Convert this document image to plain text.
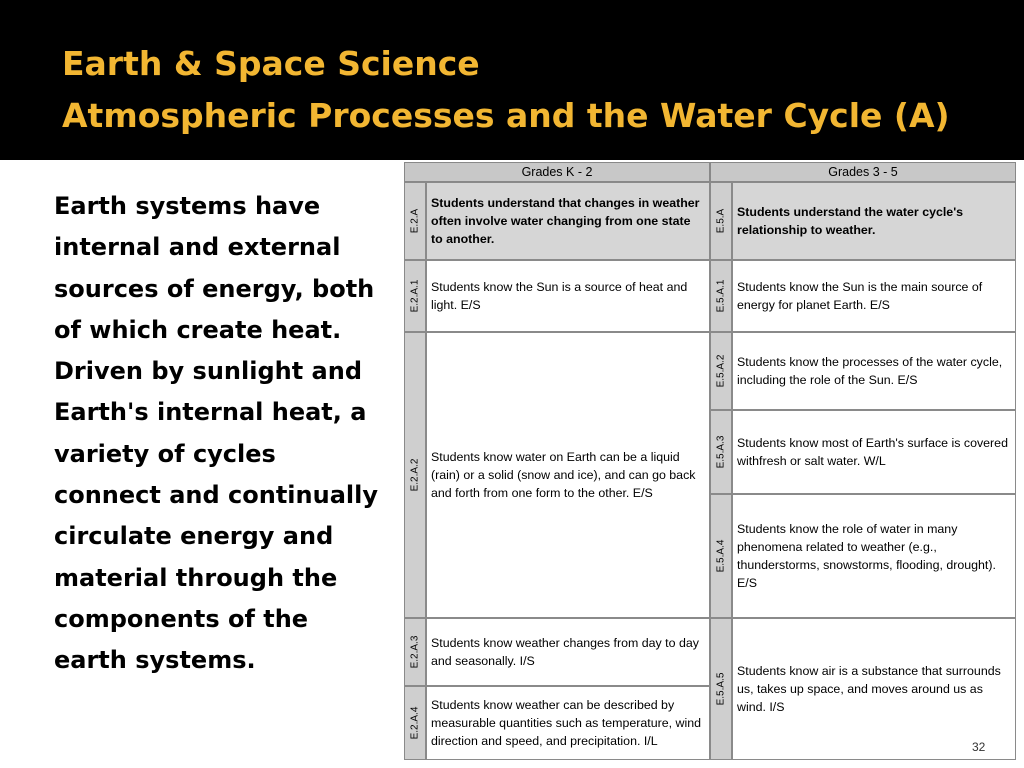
Earth & Space Science
Atmospheric Processes and the Water Cycle (A)
Earth systems have internal and external sources of energy, both of which create heat. Driven by sunlight and Earth's internal heat, a variety of cycles connect and continually circulate energy and material through the components of the earth systems.
Grades K - 2	Grades 3 - 5
E.2.A
E.2.A.1
E.2.A.2
E.2.A.3
E.2.A.4
Students understand that changes in weather often involve water changing from one state to another.
Students know the Sun is a source of heat and light. E/S
Students know water on Earth can be a liquid (rain) or a solid (snow and ice), and can go back and forth from one form to the other. E/S
Students know weather changes from day to day and seasonally. I/S
Students know weather can be described by measurable quantities such as temperature, wind direction and speed, and precipitation. I/L
E.5.A
E.5.A.1
E.5.A.2
E.5.A.3
E.5.A.4
E.5.A.5
Students understand the water cycle's relationship to weather.
Students know the Sun is the main source of energy for planet Earth. E/S
Students know the processes of the water cycle, including the role of the Sun. E/S
Students know most of Earth's surface is covered withfresh or salt water. W/L
Students know the role of water in many phenomena related to weather (e.g., thunderstorms, snowstorms, flooding, drought). E/S
Students know air is a substance that surrounds us, takes up space, and moves around us as wind. I/S
32
